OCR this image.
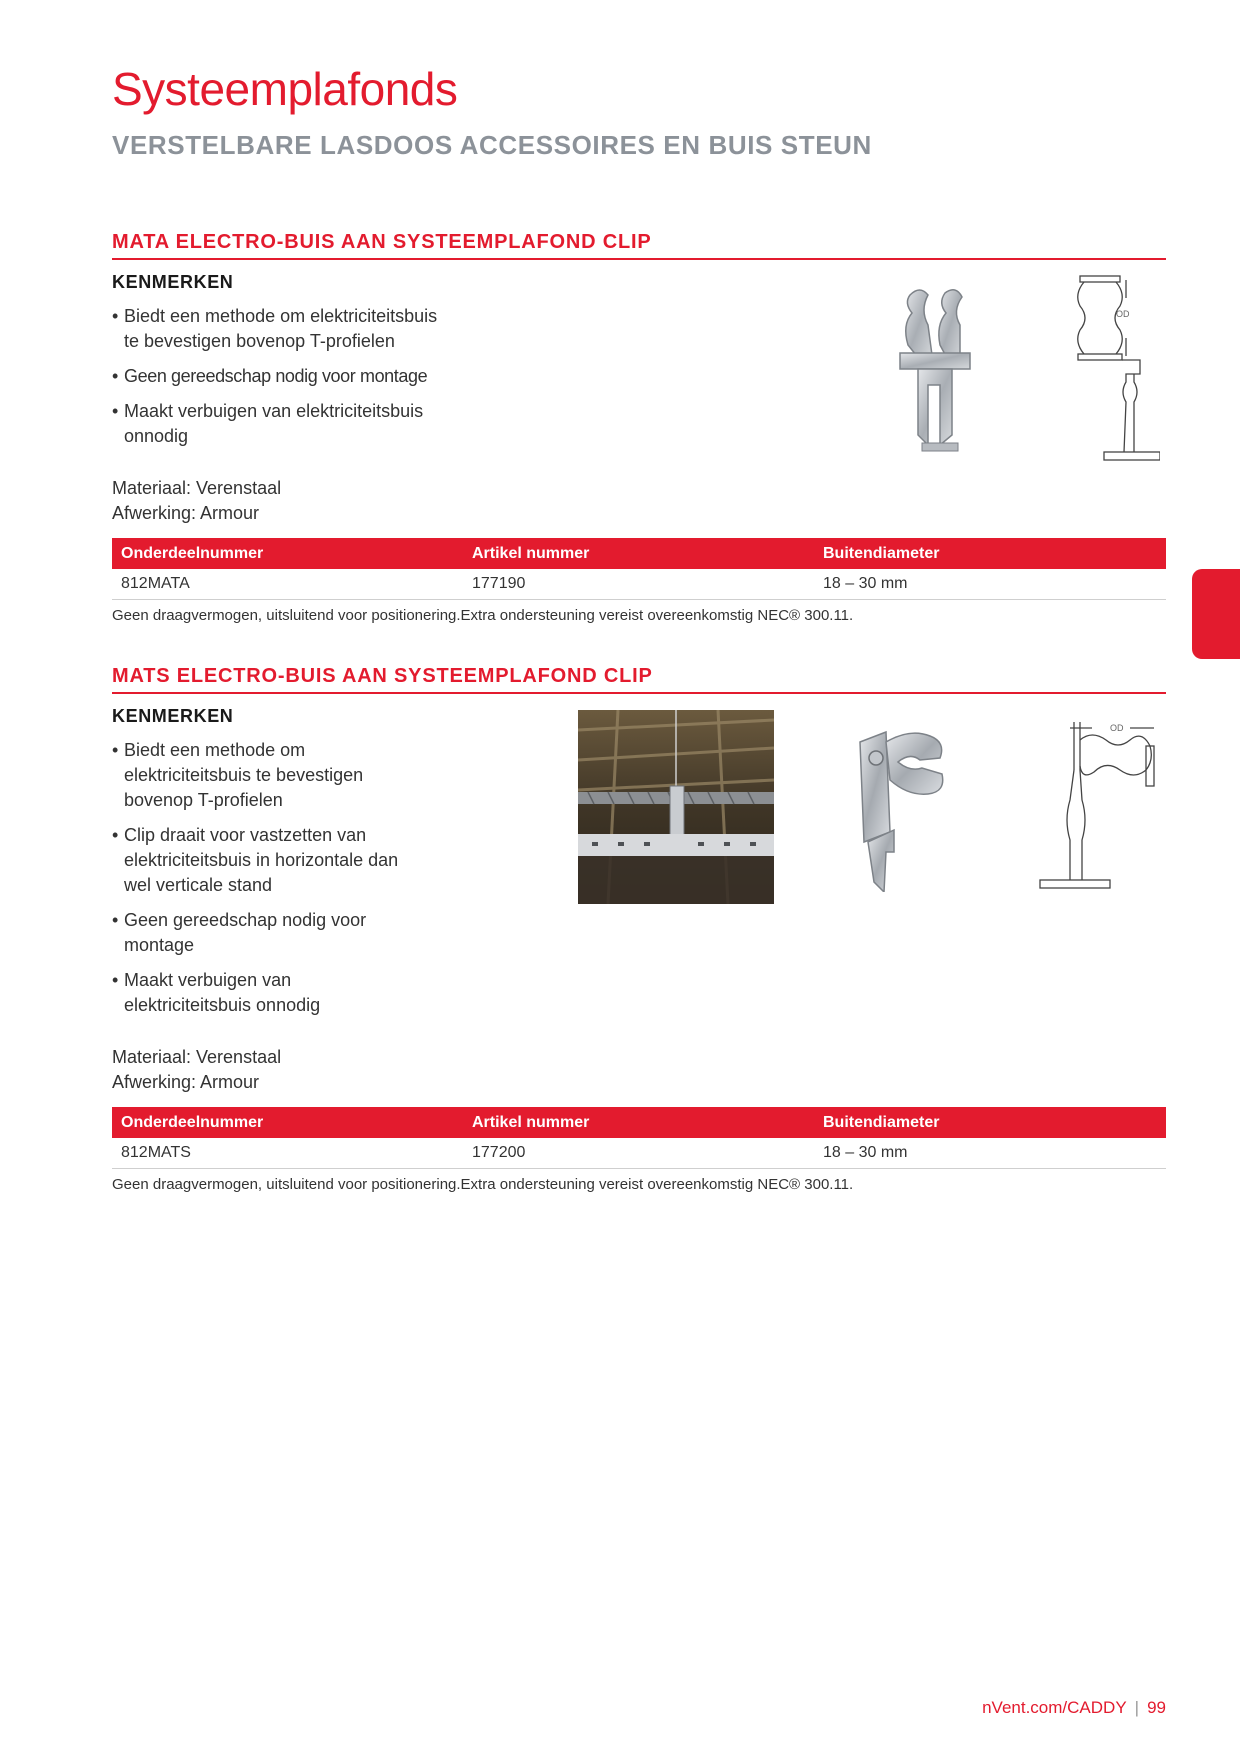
Systeemplafonds
VERSTELBARE LASDOOS ACCESSOIRES EN BUIS STEUN
MATA ELECTRO-BUIS AAN SYSTEEMPLAFOND CLIP
KENMERKEN
• Biedt een methode om elektriciteitsbuis te bevestigen bovenop T-profielen
• Geen gereedschap nodig voor montage
• Maakt verbuigen van elektriciteitsbuis onnodig
Materiaal: Verenstaal
Afwerking: Armour
OD
Onderdeelnummer	Artikel nummer	Buitendiameter
812MATA	177190	18 – 30 mm
Geen draagvermogen, uitsluitend voor positionering.Extra ondersteuning vereist overeenkomstig NEC® 300.11.
MATS ELECTRO-BUIS AAN SYSTEEMPLAFOND CLIP
KENMERKEN
• Biedt een methode om elektriciteitsbuis te bevestigen bovenop T-profielen
• Clip draait voor vastzetten van elektriciteitsbuis in horizontale dan wel verticale stand
• Geen gereedschap nodig voor montage
• Maakt verbuigen van elektriciteitsbuis onnodig
Materiaal: Verenstaal
Afwerking: Armour
OD
Onderdeelnummer	Artikel nummer	Buitendiameter
812MATS	177200	18 – 30 mm
Geen draagvermogen, uitsluitend voor positionering.Extra ondersteuning vereist overeenkomstig NEC® 300.11.
nVent.com/CADDY | 99
